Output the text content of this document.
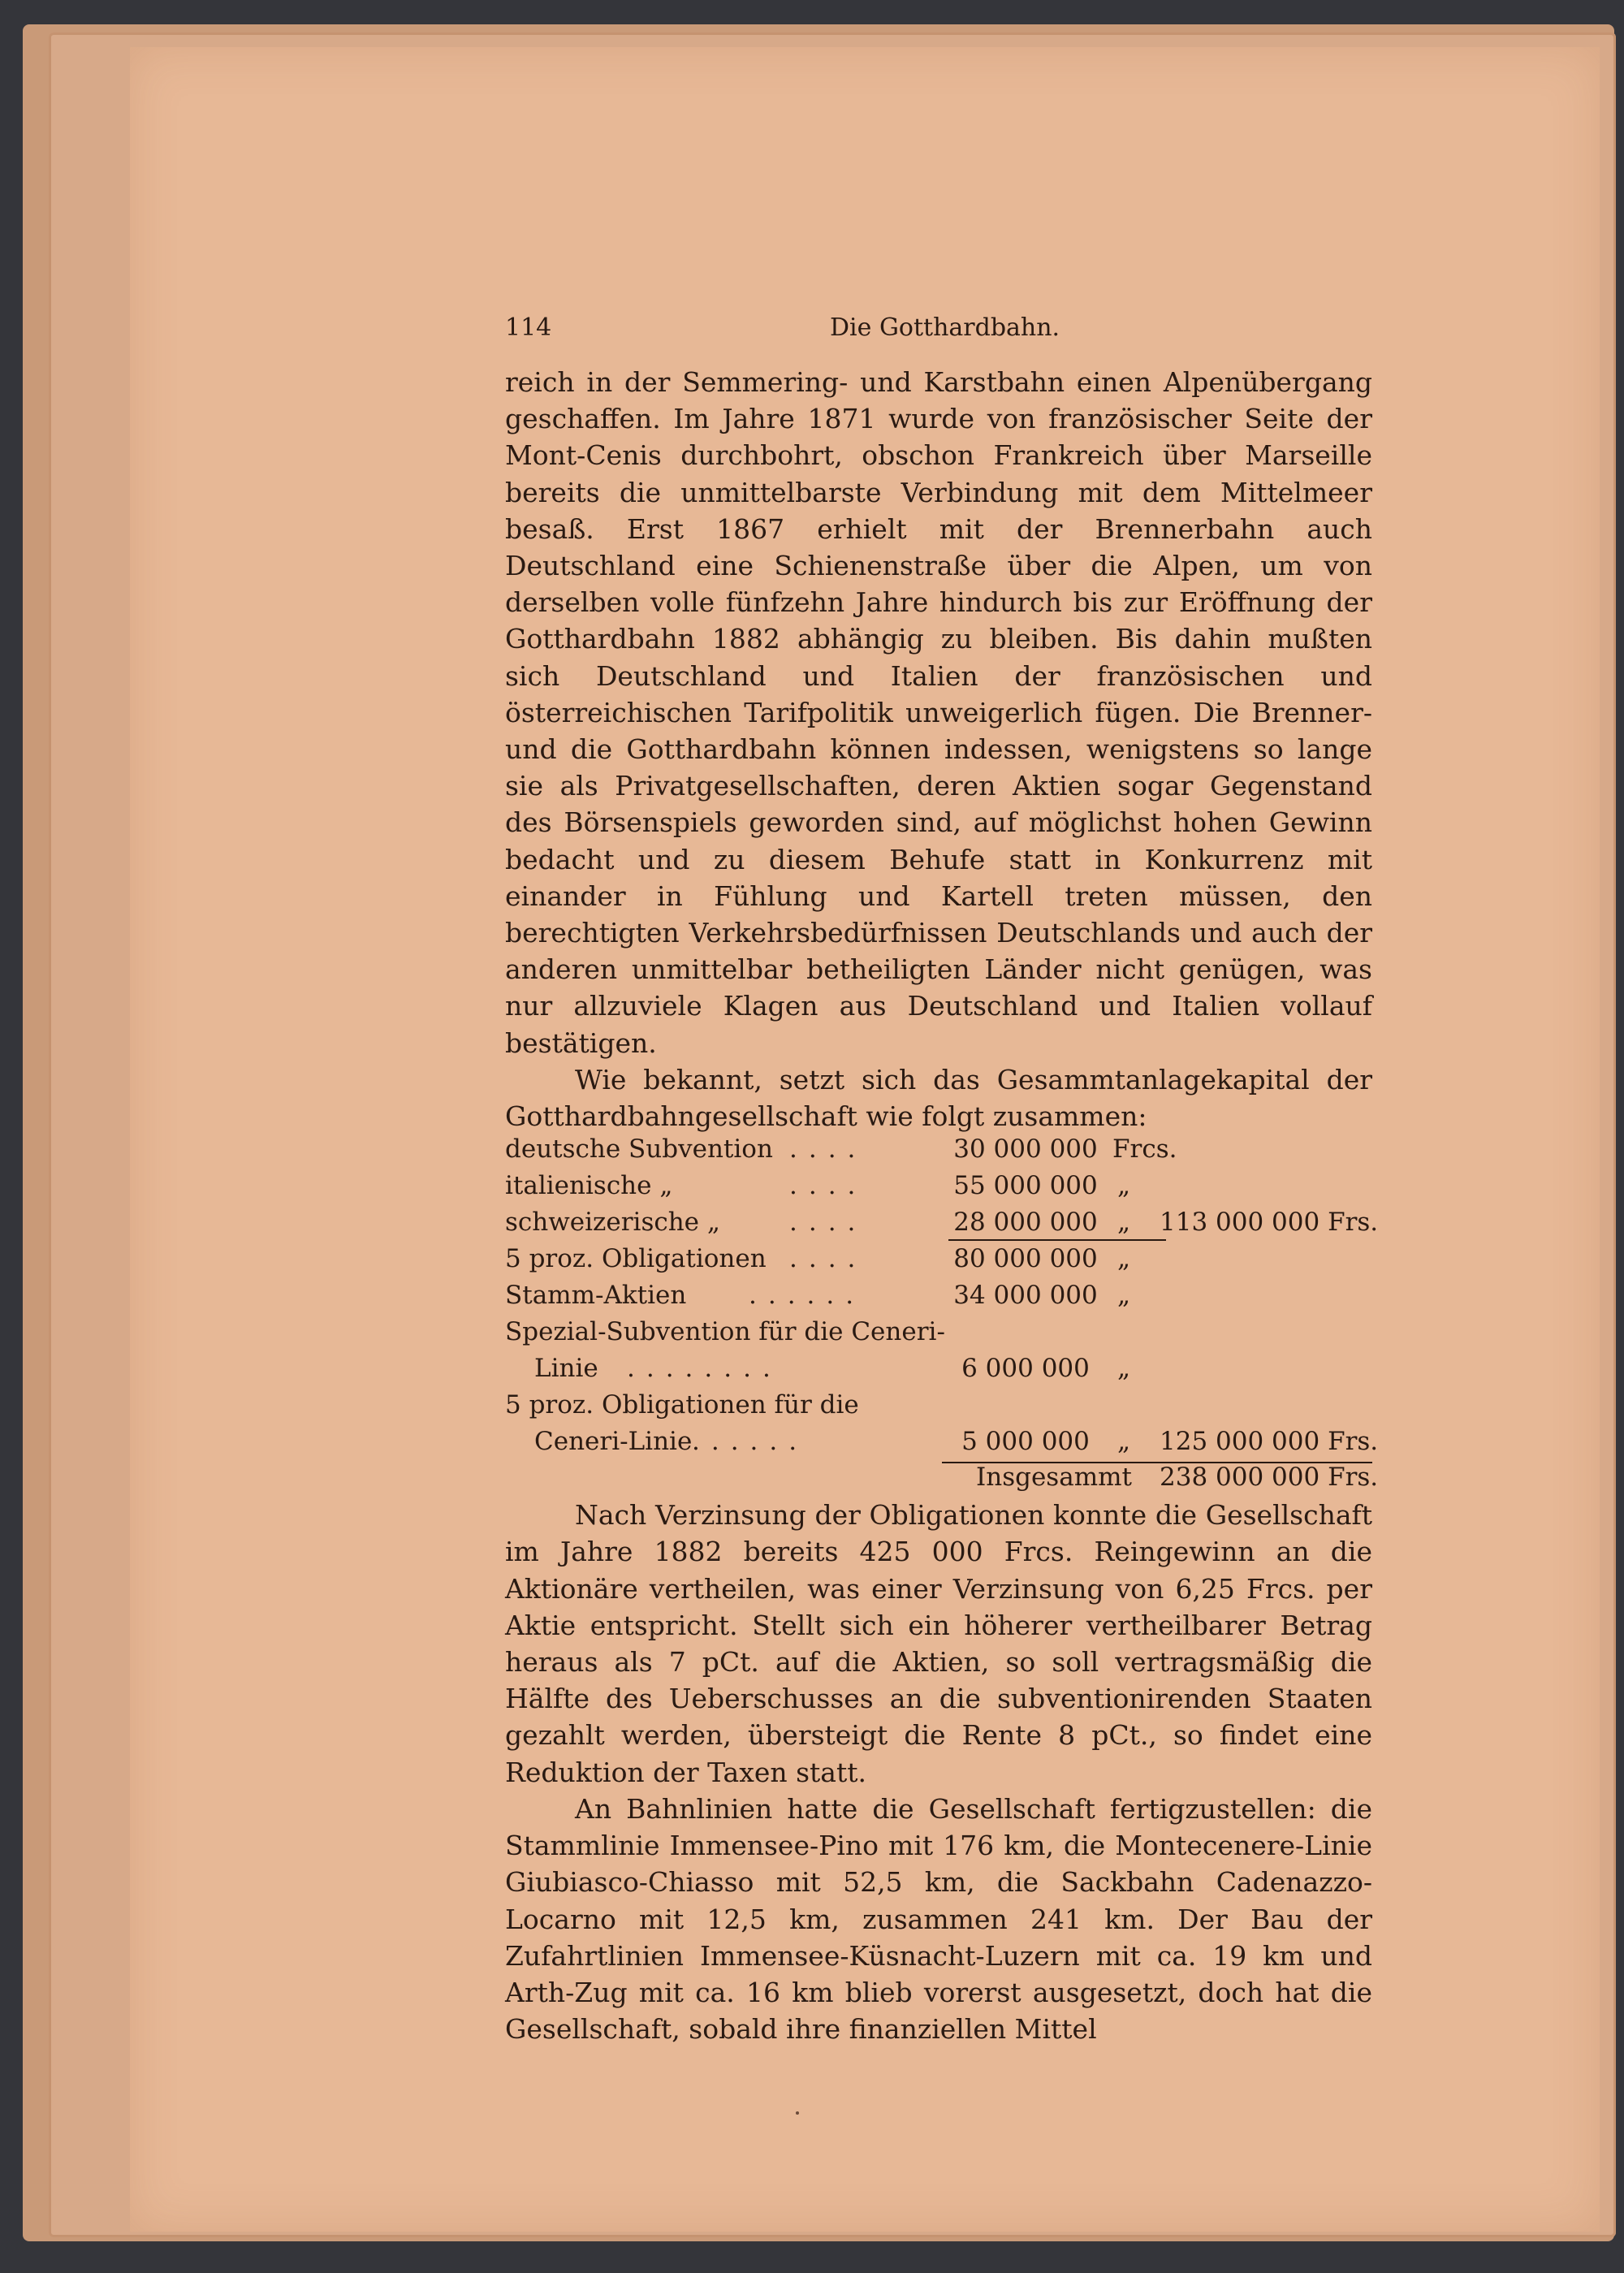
114	Die Gotthardbahn.

reich in der Semmering- und Karstbahn einen Alpenübergang geschaffen. Im Jahre 1871 wurde von französischer Seite der Mont-Cenis durchbohrt, obschon Frankreich über Marseille bereits die unmittelbarste Verbindung mit dem Mittelmeer besaß. Erst 1867 erhielt mit der Brennerbahn auch Deutschland eine Schienenstraße über die Alpen, um von derselben volle fünfzehn Jahre hindurch bis zur Eröffnung der Gotthardbahn 1882 abhängig zu bleiben. Bis dahin mußten sich Deutschland und Italien der französischen und österreichischen Tarifpolitik unweigerlich fügen. Die Brenner- und die Gotthardbahn können indessen, wenigstens so lange sie als Privatgesellschaften, deren Aktien sogar Gegenstand des Börsenspiels geworden sind, auf möglichst hohen Gewinn bedacht und zu diesem Behufe statt in Konkurrenz mit einander in Fühlung und Kartell treten müssen, den berechtigten Verkehrsbedürfnissen Deutschlands und auch der anderen unmittelbar betheiligten Länder nicht genügen, was nur allzuviele Klagen aus Deutschland und Italien vollauf bestätigen.

Wie bekannt, setzt sich das Gesammtanlagekapital der Gotthardbahngesellschaft wie folgt zusammen:

deutsche Subvention ....	30 000 000 Frcs.
italienische „	....	55 000 000 „
schweizerische „	....	28 000 000 „	113 000 000 Frs.
5 proz. Obligationen ....	80 000 000 „
Stamm-Aktien ......	34 000 000 „
Spezial-Subvention für die Ceneri-
Linie ........	6 000 000	„
5 proz. Obligationen für die
Ceneri-Linie ......	5 000 000	„	125 000 000 Frs.
Insgesammt 238 000 000 Frs.

Nach Verzinsung der Obligationen konnte die Gesellschaft im Jahre 1882 bereits 425 000 Frcs. Reingewinn an die Aktionäre vertheilen, was einer Verzinsung von 6,25 Frcs. per Aktie entspricht. Stellt sich ein höherer vertheilbarer Betrag heraus als 7 pCt. auf die Aktien, so soll vertragsmäßig die Hälfte des Ueberschusses an die subventionirenden Staaten gezahlt werden, übersteigt die Rente 8 pCt., so findet eine Reduktion der Taxen statt.

An Bahnlinien hatte die Gesellschaft fertigzustellen: die Stammlinie Immensee-Pino mit 176 km, die Montecenere-Linie Giubiasco-Chiasso mit 52,5 km, die Sackbahn Cadenazzo-Locarno mit 12,5 km, zusammen 241 km. Der Bau der Zufahrtlinien Immensee-Küsnacht-Luzern mit ca. 19 km und Arth-Zug mit ca. 16 km blieb vorerst ausgesetzt, doch hat die Gesellschaft, sobald ihre finanziellen Mittel
